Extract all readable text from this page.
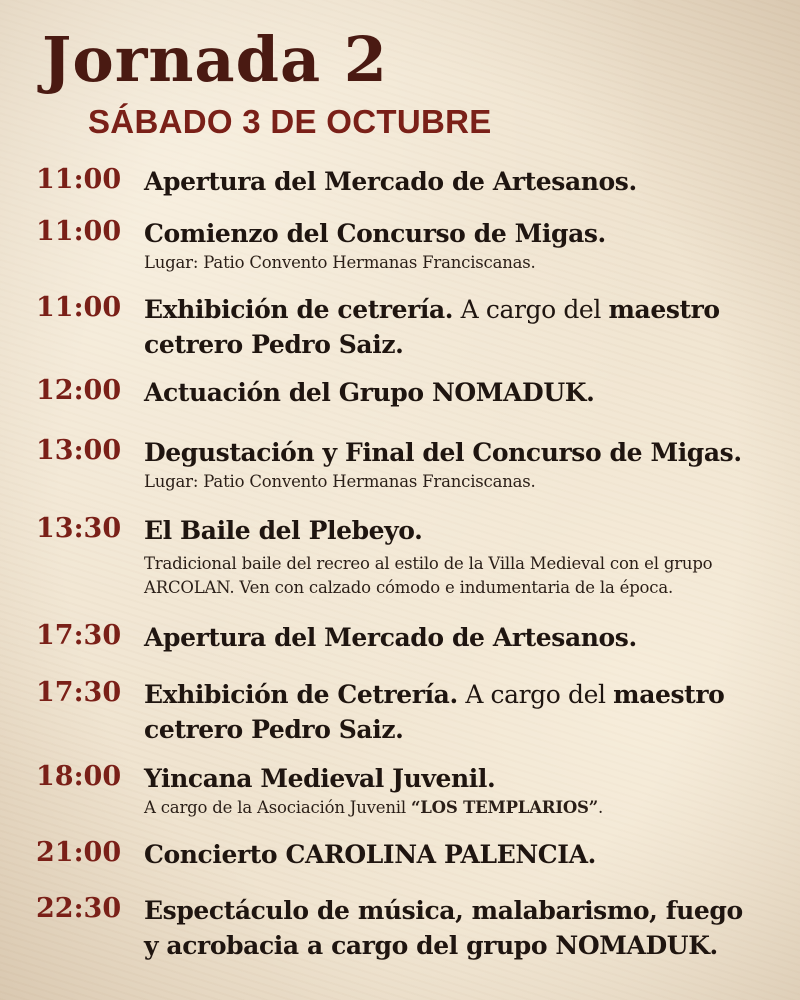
Jornada 2
SÁBADO 3 DE OCTUBRE
11:00 Apertura del Mercado de Artesanos.
11:00 Comienzo del Concurso de Migas.
Lugar: Patio Convento Hermanas Franciscanas.
11:00 Exhibición de cetrería. A cargo del maestro
cetrero Pedro Saiz.
12:00 Actuación del Grupo NOMADUK.
13:00 Degustación y Final del Concurso de Migas.
Lugar: Patio Convento Hermanas Franciscanas.
13:30 El Baile del Plebeyo.
Tradicional baile del recreo al estilo de la Villa Medieval con el grupo
ARCOLAN. Ven con calzado cómodo e indumentaria de la época.
17:30 Apertura del Mercado de Artesanos.
17:30 Exhibición de Cetrería. A cargo del maestro
cetrero Pedro Saiz.
18:00 Yincana Medieval Juvenil.
A cargo de la Asociación Juvenil “LOS TEMPLARIOS”.
21:00 Concierto CAROLINA PALENCIA.
22:30 Espectáculo de música, malabarismo, fuego
y acrobacia a cargo del grupo NOMADUK.
